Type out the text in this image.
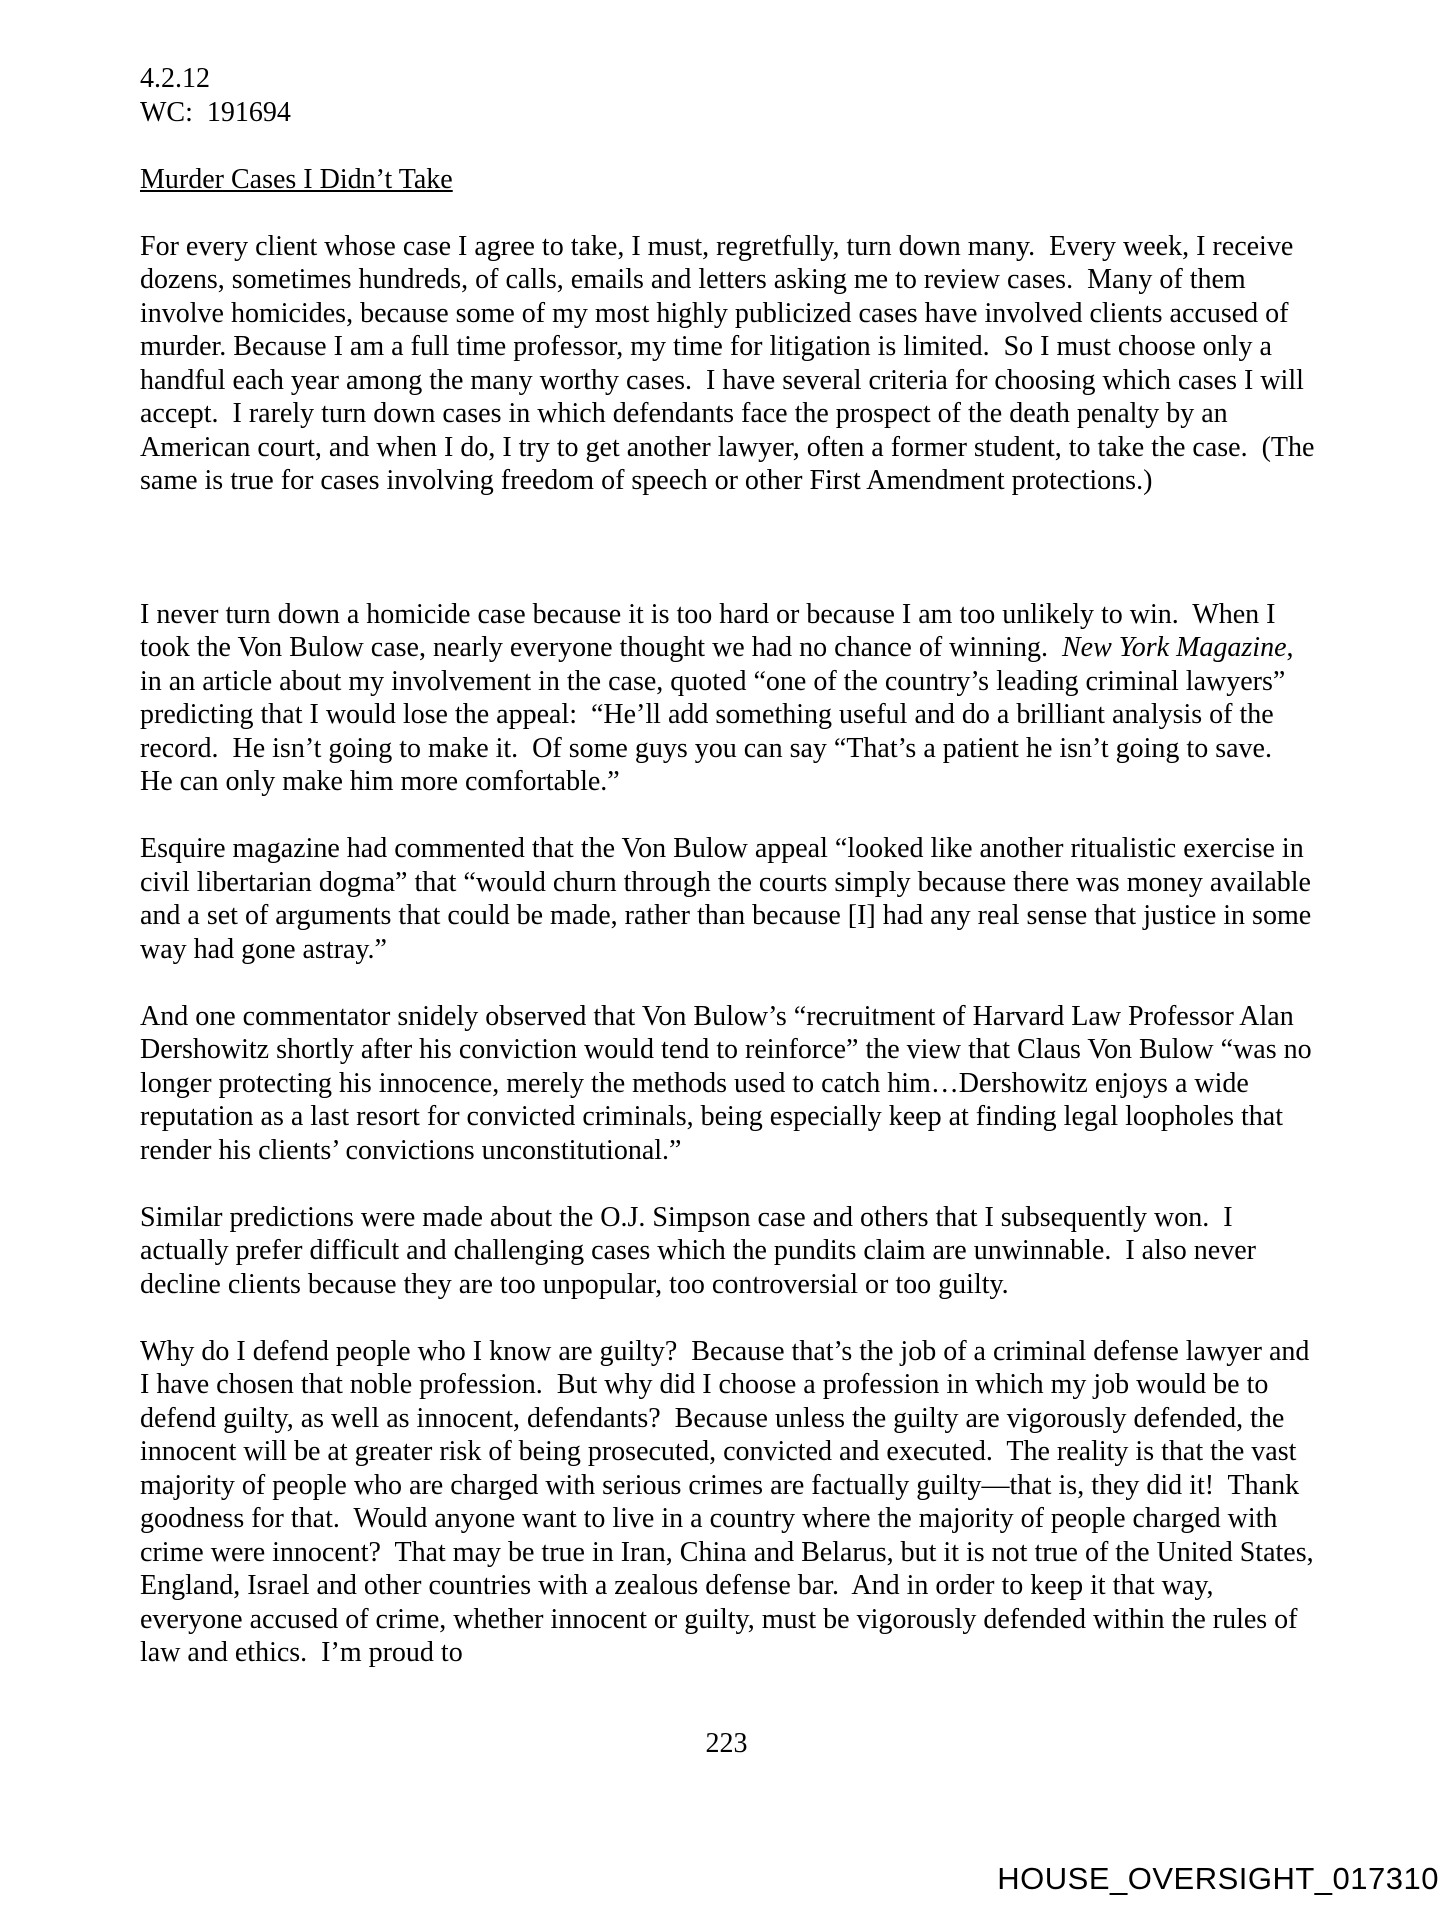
4.2.12
WC:  191694
Murder Cases I Didn’t Take

For every client whose case I agree to take, I must, regretfully, turn down many.  Every week, I receive dozens, sometimes hundreds, of calls, emails and letters asking me to review cases.  Many of them involve homicides, because some of my most highly publicized cases have involved clients accused of murder. Because I am a full time professor, my time for litigation is limited.  So I must choose only a handful each year among the many worthy cases.  I have several criteria for choosing which cases I will accept.  I rarely turn down cases in which defendants face the prospect of the death penalty by an American court, and when I do, I try to get another lawyer, often a former student, to take the case.  (The same is true for cases involving freedom of speech or other First Amendment protections.)

I never turn down a homicide case because it is too hard or because I am too unlikely to win.  When I took the Von Bulow case, nearly everyone thought we had no chance of winning.  New York Magazine, in an article about my involvement in the case, quoted “one of the country’s leading criminal lawyers” predicting that I would lose the appeal:  “He’ll add something useful and do a brilliant analysis of the record.  He isn’t going to make it.  Of some guys you can say “That’s a patient he isn’t going to save.  He can only make him more comfortable.”

Esquire magazine had commented that the Von Bulow appeal “looked like another ritualistic exercise in civil libertarian dogma” that “would churn through the courts simply because there was money available and a set of arguments that could be made, rather than because [I] had any real sense that justice in some way had gone astray.”

And one commentator snidely observed that Von Bulow’s “recruitment of Harvard Law Professor Alan Dershowitz shortly after his conviction would tend to reinforce” the view that Claus Von Bulow “was no longer protecting his innocence, merely the methods used to catch him…Dershowitz enjoys a wide reputation as a last resort for convicted criminals, being especially keep at finding legal loopholes that render his clients’ convictions unconstitutional.”

Similar predictions were made about the O.J. Simpson case and others that I subsequently won.  I actually prefer difficult and challenging cases which the pundits claim are unwinnable.  I also never decline clients because they are too unpopular, too controversial or too guilty.

Why do I defend people who I know are guilty?  Because that’s the job of a criminal defense lawyer and I have chosen that noble profession.  But why did I choose a profession in which my job would be to defend guilty, as well as innocent, defendants?  Because unless the guilty are vigorously defended, the innocent will be at greater risk of being prosecuted, convicted and executed.  The reality is that the vast majority of people who are charged with serious crimes are factually guilty—that is, they did it!  Thank goodness for that.  Would anyone want to live in a country where the majority of people charged with crime were innocent?  That may be true in Iran, China and Belarus, but it is not true of the United States, England, Israel and other countries with a zealous defense bar.  And in order to keep it that way, everyone accused of crime, whether innocent or guilty, must be vigorously defended within the rules of law and ethics.  I’m proud to

223
HOUSE_OVERSIGHT_017310
